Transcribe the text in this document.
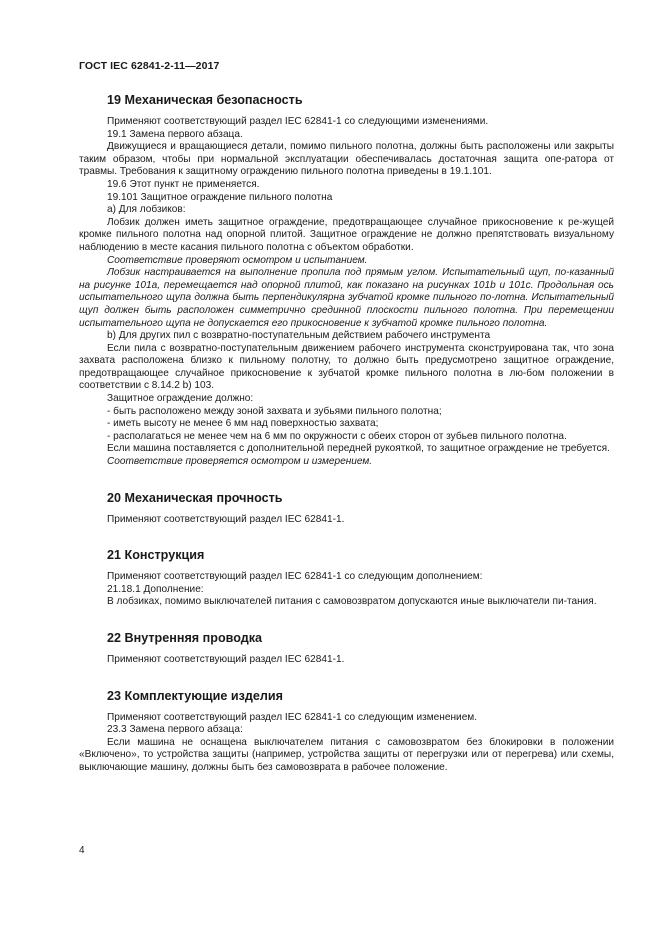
ГОСТ IEC 62841-2-11—2017
19 Механическая безопасность

Применяют соответствующий раздел IEC 62841-1 со следующими изменениями.

19.1 Замена первого абзаца.

Движущиеся и вращающиеся детали, помимо пильного полотна, должны быть расположены или закрыты таким образом, чтобы при нормальной эксплуатации обеспечивалась достаточная защита опе-ратора от травмы. Требования к защитному ограждению пильного полотна приведены в 19.1.101.

19.6 Этот пункт не применяется.

19.101 Защитное ограждение пильного полотна

а) Для лобзиков:

Лобзик должен иметь защитное ограждение, предотвращающее случайное прикосновение к ре-жущей кромке пильного полотна над опорной плитой. Защитное ограждение не должно препятствовать визуальному наблюдению в месте касания пильного полотна с объектом обработки.

Соответствие проверяют осмотром и испытанием.

Лобзик настраивается на выполнение пропила под прямым углом. Испытательный щуп, по-казанный на рисунке 101а, перемещается над опорной плитой, как показано на рисунках 101b и 101c. Продольная ось испытательного щупа должна быть перпендикулярна зубчатой кромке пильного по-лотна. Испытательный щуп должен быть расположен симметрично срединной плоскости пильного полотна. При перемещении испытательного щупа не допускается его прикосновение к зубчатой кромке пильного полотна.

b) Для других пил с возвратно-поступательным действием рабочего инструмента

Если пила с возвратно-поступательным движением рабочего инструмента сконструирована так, что зона захвата расположена близко к пильному полотну, то должно быть предусмотрено защитное ограждение, предотвращающее случайное прикосновение к зубчатой кромке пильного полотна в лю-бом положении в соответствии с 8.14.2 b) 103.

Защитное ограждение должно:

- быть расположено между зоной захвата и зубьями пильного полотна;

- иметь высоту не менее 6 мм над поверхностью захвата;

- располагаться не менее чем на 6 мм по окружности с обеих сторон от зубьев пильного полотна.

Если машина поставляется с дополнительной передней рукояткой, то защитное ограждение не требуется.

Соответствие проверяется осмотром и измерением.

20 Механическая прочность

Применяют соответствующий раздел IEC 62841-1.

21 Конструкция

Применяют соответствующий раздел IEC 62841-1 со следующим дополнением:

21.18.1 Дополнение:

В лобзиках, помимо выключателей питания с самовозвратом допускаются иные выключатели пи-тания.

22 Внутренняя проводка

Применяют соответствующий раздел IEC 62841-1.

23 Комплектующие изделия

Применяют соответствующий раздел IEC 62841-1 со следующим изменением.

23.3 Замена первого абзаца:

Если машина не оснащена выключателем питания с самовозвратом без блокировки в положении «Включено», то устройства защиты (например, устройства защиты от перегрузки или от перегрева) или схемы, выключающие машину, должны быть без самовозврата в рабочее положение.

4
